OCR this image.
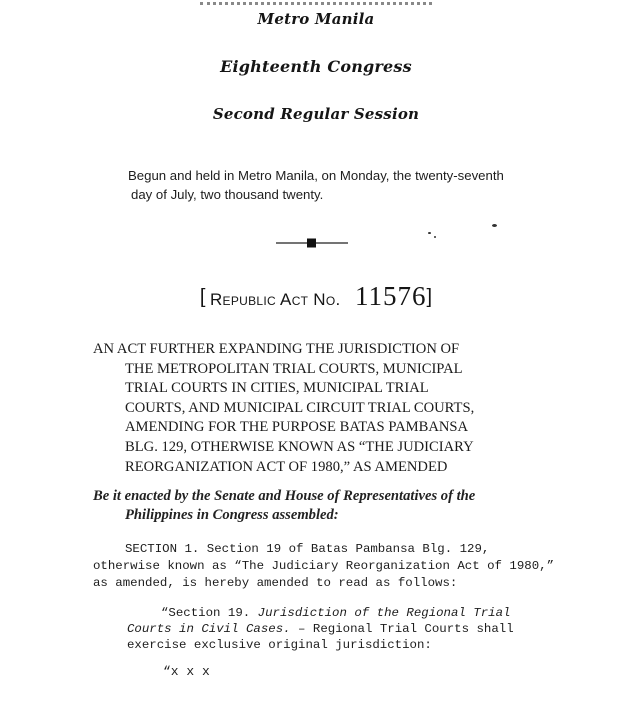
Metro Manila
Eighteenth Congress
Second Regular Session
Begun and held in Metro Manila, on Monday, the twenty-seventh
day of July, two thousand twenty.
[ Republic Act No. 11576]
AN ACT FURTHER EXPANDING THE JURISDICTION OF
THE METROPOLITAN TRIAL COURTS, MUNICIPAL
TRIAL COURTS IN CITIES, MUNICIPAL TRIAL
COURTS, AND MUNICIPAL CIRCUIT TRIAL COURTS,
AMENDING FOR THE PURPOSE BATAS PAMBANSA
BLG. 129, OTHERWISE KNOWN AS “THE JUDICIARY
REORGANIZATION ACT OF 1980,” AS AMENDED
Be it enacted by the Senate and House of Representatives of the
Philippines in Congress assembled:
SECTION 1. Section 19 of Batas Pambansa Blg. 129,
otherwise known as “The Judiciary Reorganization Act of 1980,”
as amended, is hereby amended to read as follows:
“Section 19. Jurisdiction of the Regional Trial
Courts in Civil Cases. – Regional Trial Courts shall
exercise exclusive original jurisdiction:
“x x x
